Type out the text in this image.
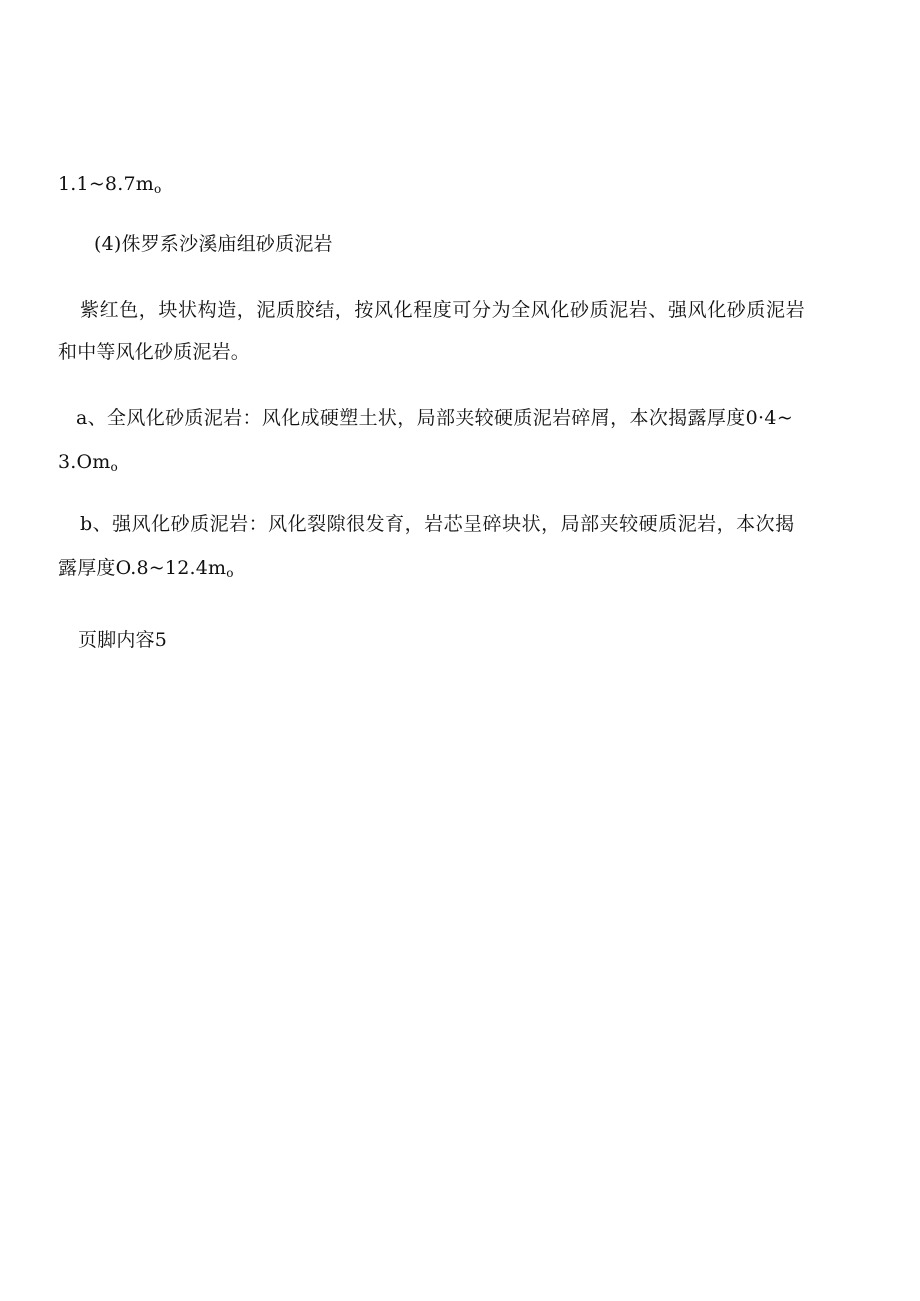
$1.1\sim 8.7m_o$
(4)侏罗系沙溪庙组砂质泥岩
紫红色，块状构造，泥质胶结，按风化程度可分为全风化砂质泥岩、强风化砂质泥岩
和中等风化砂质泥岩。
a、全风化砂质泥岩：风化成硬塑土状，局部夹较硬质泥岩碎屑，本次揭露厚度0·4~
$3.Om_o$
b、强风化砂质泥岩：风化裂隙很发育，岩芯呈碎块状，局部夹较硬质泥岩，本次揭
露厚度$O.8\sim 12.4m_o$
页脚内容5
